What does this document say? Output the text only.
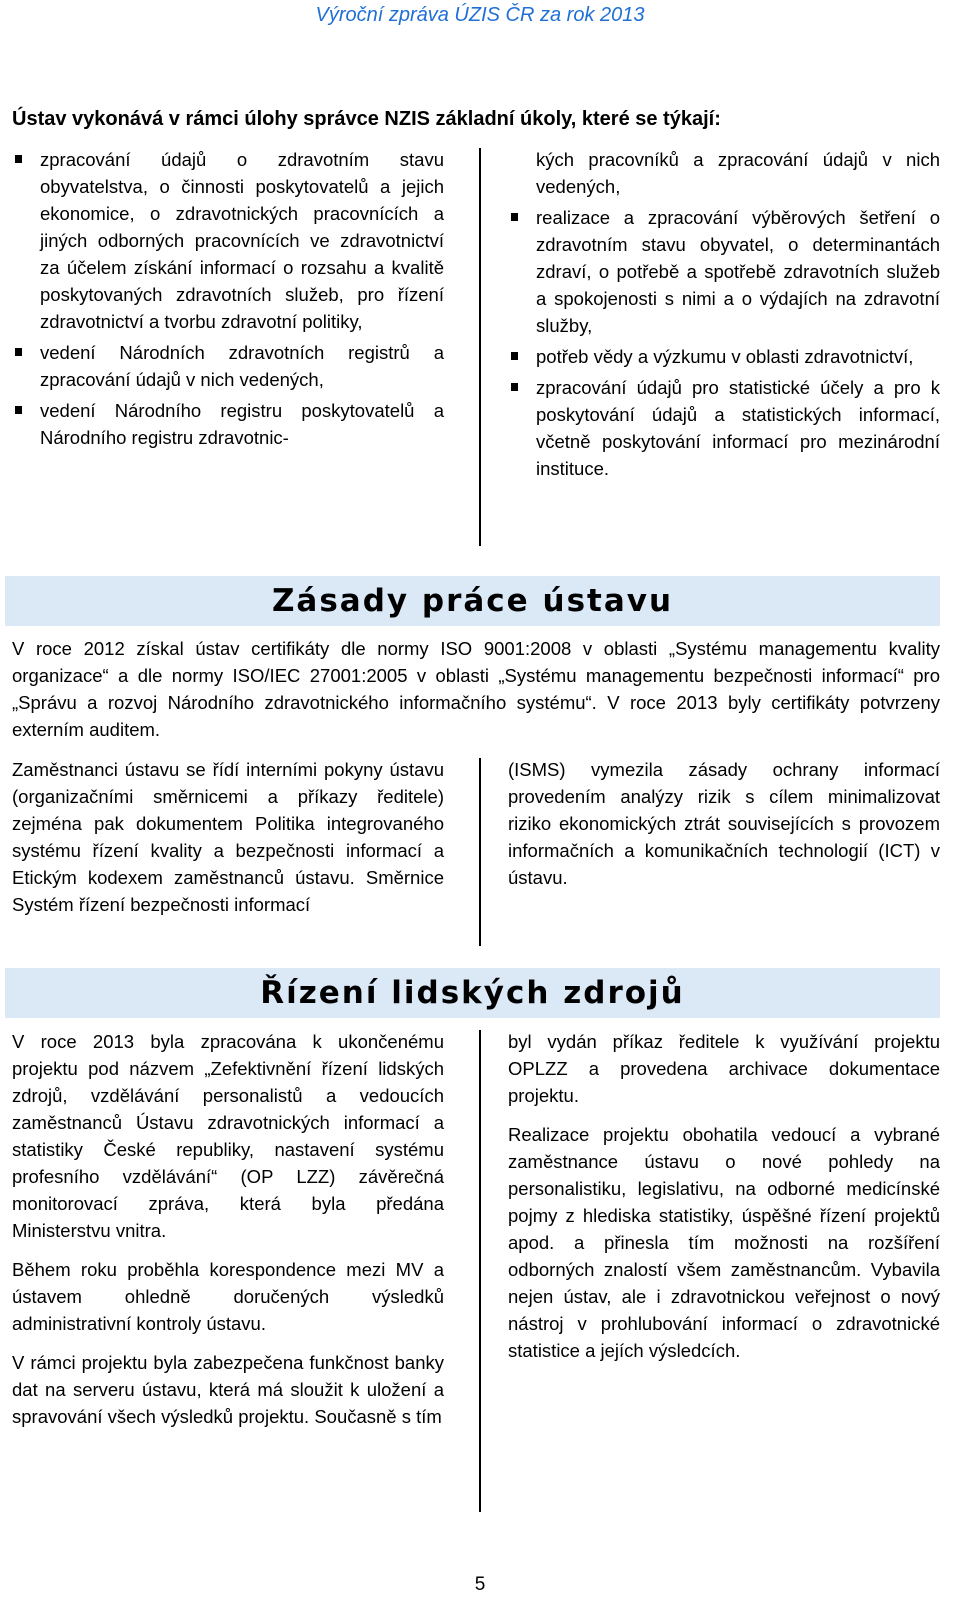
Výroční zpráva ÚZIS ČR za rok 2013
Ústav vykonává v rámci úlohy správce NZIS základní úkoly, které se týkají:
zpracování údajů o zdravotním stavu obyvatelstva, o činnosti poskytovatelů a jejich ekonomice, o zdravotnických pracovnících a jiných odborných pracovnících ve zdravotnictví za účelem získání informací o rozsahu a kvalitě poskytovaných zdravotních služeb, pro řízení zdravotnictví a tvorbu zdravotní politiky,
vedení Národních zdravotních registrů a zpracování údajů v nich vedených,
vedení Národního registru poskytovatelů a Národního registru zdravotnic-
kých pracovníků a zpracování údajů v nich vedených,
realizace a zpracování výběrových šetření o zdravotním stavu obyvatel, o determinantách zdraví, o potřebě a spotřebě zdravotních služeb a spokojenosti s nimi a o výdajích na zdravotní služby,
potřeb vědy a výzkumu v oblasti zdravotnictví,
zpracování údajů pro statistické účely a pro k poskytování údajů a statistických informací, včetně poskytování informací pro mezinárodní instituce.
Zásady práce ústavu

V roce 2012 získal ústav certifikáty dle normy ISO 9001:2008 v oblasti „Systému managementu kvality organizace“ a dle normy ISO/IEC 27001:2005 v oblasti „Systému managementu bezpečnosti informací“ pro „Správu a rozvoj Národního zdravotnického informačního systému“. V roce 2013 byly certifikáty potvrzeny externím auditem.

Zaměstnanci ústavu se řídí interními pokyny ústavu (organizačními směrnicemi a příkazy ředitele) zejména pak dokumentem Politika integrovaného systému řízení kvality a bezpečnosti informací a Etickým kodexem zaměstnanců ústavu. Směrnice Systém řízení bezpečnosti informací

(ISMS) vymezila zásady ochrany informací provedením analýzy rizik s cílem minimalizovat riziko ekonomických ztrát souvisejících s provozem informačních a komunikačních technologií (ICT) v ústavu.

Řízení lidských zdrojů

V roce 2013 byla zpracována k ukončenému projektu pod názvem „Zefektivnění řízení lidských zdrojů, vzdělávání personalistů a vedoucích zaměstnanců Ústavu zdravotnických informací a statistiky České republiky, nastavení systému profesního vzdělávání“ (OP LZZ) závěrečná monitorovací zpráva, která byla předána Ministerstvu vnitra.

Během roku proběhla korespondence mezi MV a ústavem ohledně doručených výsledků administrativní kontroly ústavu.

V rámci projektu byla zabezpečena funkčnost banky dat na serveru ústavu, která má sloužit k uložení a spravování všech výsledků projektu. Současně s tím

byl vydán příkaz ředitele k využívání projektu OPLZZ a provedena archivace dokumentace projektu.

Realizace projektu obohatila vedoucí a vybrané zaměstnance ústavu o nové pohledy na personalistiku, legislativu, na odborné medicínské pojmy z hlediska statistiky, úspěšné řízení projektů apod. a přinesla tím možnosti na rozšíření odborných znalostí všem zaměstnancům. Vybavila nejen ústav, ale i zdravotnickou veřejnost o nový nástroj v prohlubování informací o zdravotnické statistice a jejích výsledcích.

5
